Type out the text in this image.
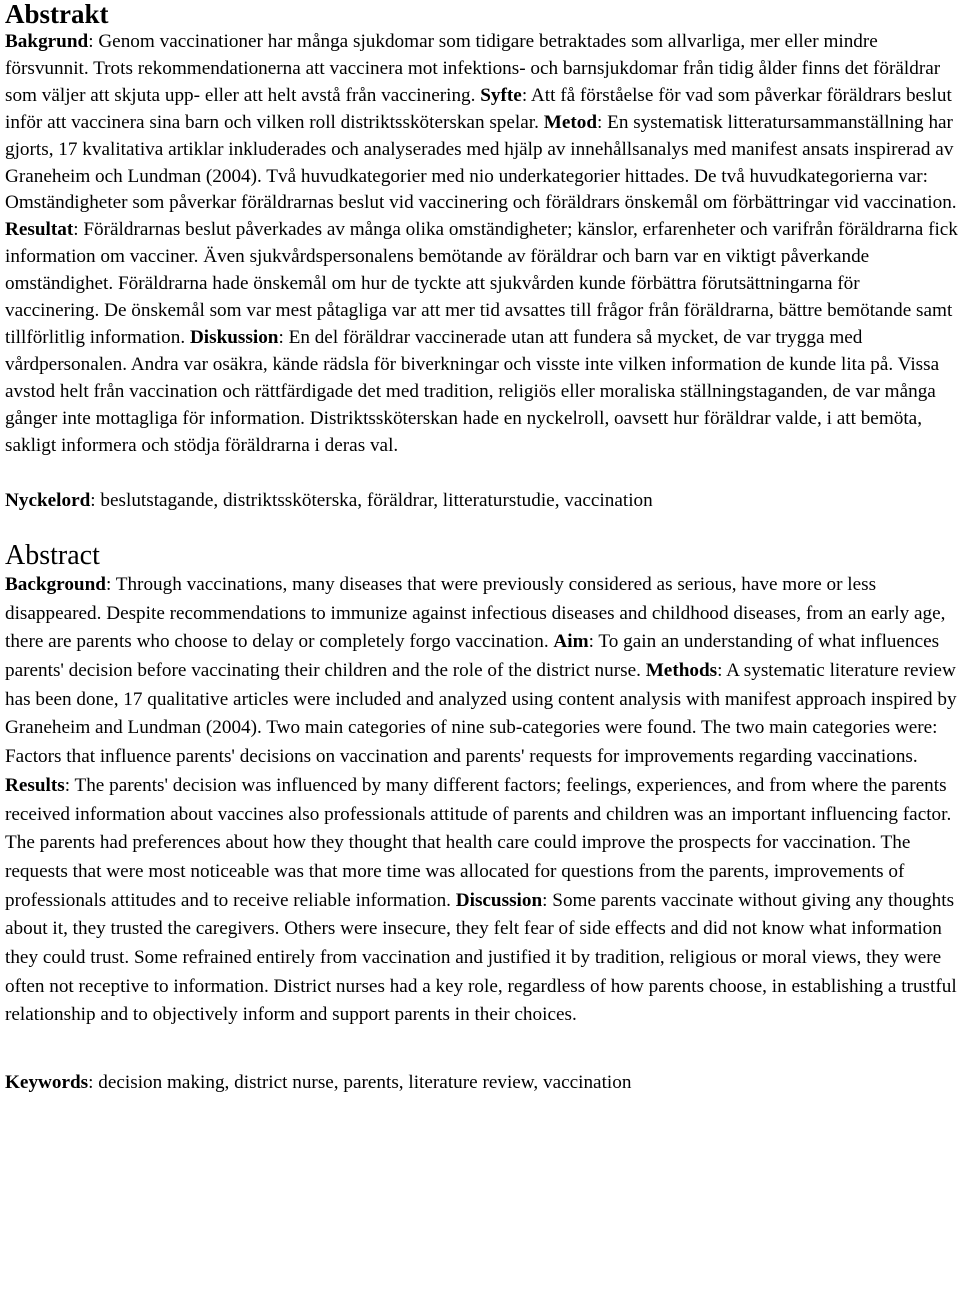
Abstrakt

Bakgrund: Genom vaccinationer har många sjukdomar som tidigare betraktades som allvarliga, mer eller mindre försvunnit. Trots rekommendationerna att vaccinera mot infektions- och barnsjukdomar från tidig ålder finns det föräldrar som väljer att skjuta upp- eller att helt avstå från vaccinering. Syfte: Att få förståelse för vad som påverkar föräldrars beslut inför att vaccinera sina barn och vilken roll distriktssköterskan spelar. Metod: En systematisk litteratursammanställning har gjorts, 17 kvalitativa artiklar inkluderades och analyserades med hjälp av innehållsanalys med manifest ansats inspirerad av Graneheim och Lundman (2004). Två huvudkategorier med nio underkategorier hittades. De två huvudkategorierna var: Omständigheter som påverkar föräldrarnas beslut vid vaccinering och föräldrars önskemål om förbättringar vid vaccination. Resultat: Föräldrarnas beslut påverkades av många olika omständigheter; känslor, erfarenheter och varifrån föräldrarna fick information om vacciner. Även sjukvårdspersonalens bemötande av föräldrar och barn var en viktigt påverkande omständighet. Föräldrarna hade önskemål om hur de tyckte att sjukvården kunde förbättra förutsättningarna för vaccinering. De önskemål som var mest påtagliga var att mer tid avsattes till frågor från föräldrarna, bättre bemötande samt tillförlitlig information. Diskussion: En del föräldrar vaccinerade utan att fundera så mycket, de var trygga med vårdpersonalen. Andra var osäkra, kände rädsla för biverkningar och visste inte vilken information de kunde lita på. Vissa avstod helt från vaccination och rättfärdigade det med tradition, religiös eller moraliska ställningstaganden, de var många gånger inte mottagliga för information. Distriktssköterskan hade en nyckelroll, oavsett hur föräldrar valde, i att bemöta, sakligt informera och stödja föräldrarna i deras val.

Nyckelord: beslutstagande, distriktssköterska, föräldrar, litteraturstudie, vaccination

Abstract

Background: Through vaccinations, many diseases that were previously considered as serious, have more or less disappeared. Despite recommendations to immunize against infectious diseases and childhood diseases, from an early age, there are parents who choose to delay or completely forgo vaccination. Aim: To gain an understanding of what influences parents' decision before vaccinating their children and the role of the district nurse. Methods: A systematic literature review has been done, 17 qualitative articles were included and analyzed using content analysis with manifest approach inspired by Graneheim and Lundman (2004). Two main categories of nine sub-categories were found. The two main categories were: Factors that influence parents' decisions on vaccination and parents' requests for improvements regarding vaccinations. Results: The parents' decision was influenced by many different factors; feelings, experiences, and from where the parents received information about vaccines also professionals attitude of parents and children was an important influencing factor. The parents had preferences about how they thought that health care could improve the prospects for vaccination. The requests that were most noticeable was that more time was allocated for questions from the parents, improvements of professionals attitudes and to receive reliable information. Discussion: Some parents vaccinate without giving any thoughts about it, they trusted the caregivers. Others were insecure, they felt fear of side effects and did not know what information they could trust. Some refrained entirely from vaccination and justified it by tradition, religious or moral views, they were often not receptive to information. District nurses had a key role, regardless of how parents choose, in establishing a trustful relationship and to objectively inform and support parents in their choices.

Keywords: decision making, district nurse, parents, literature review, vaccination
